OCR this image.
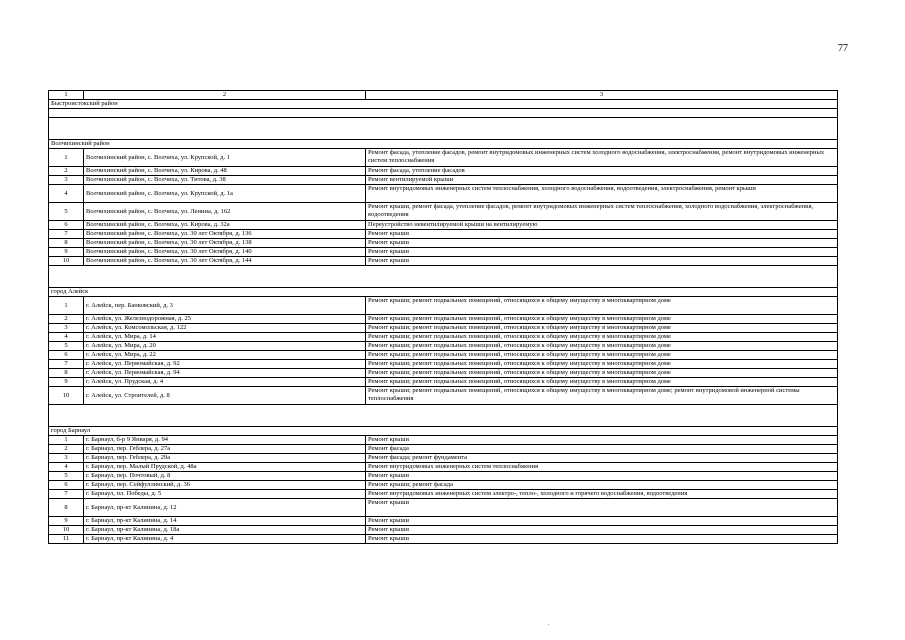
77
1	2	3
Быстроистокский район		

Волчихинский район		
1	Волчихинский район, с. Волчиха, ул. Крупской, д. 1	Ремонт фасада, утепление фасадов, ремонт внутридомовых инженерных систем холодного водоснабжения, электроснабжения, ремонт внутридомовых инженерных систем теплоснабжения
2	Волчихинский район, с. Волчиха, ул. Кирова, д. 48	Ремонт фасада, утепление фасадов
3	Волчихинский район, с. Волчиха, ул. Титова, д. 38	Ремонт вентилируемой крыши
4	Волчихинский район, с. Волчиха, ул. Крупской, д. 1а	Ремонт внутридомовых инженерных систем теплоснабжения, холодного водоснабжения, водоотведения, электроснабжения, ремонт крыши
5	Волчихинский район, с. Волчиха, ул. Ленина, д. 162	Ремонт крыши, ремонт фасада, утепление фасадов, ремонт внутридомовых инженерных систем теплоснабжения, холодного водоснабжения, электроснабжения, водоотведения
6	Волчихинский район, с. Волчиха, ул. Кирова, д. 32а	Переустройство невентилируемой крыши на вентилируемую
7	Волчихинский район, с. Волчиха, ул. 30 лет Октября, д. 136	Ремонт крыши
8	Волчихинский район, с. Волчиха, ул. 30 лет Октября, д. 138	Ремонт крыши
9	Волчихинский район, с. Волчиха, ул. 30 лет Октября, д. 140	Ремонт крыши
10	Волчихинский район, с. Волчиха, ул. 30 лет Октября, д. 144	Ремонт крыши

город Алейск		
1	г. Алейск, пер. Банковский, д. 3	Ремонт крыши; ремонт подвальных помещений, относящихся к общему имуществу в многоквартирном доме
2	г. Алейск, ул. Железнодорожная, д. 25	Ремонт крыши; ремонт подвальных помещений, относящихся к общему имуществу в многоквартирном доме
3	г. Алейск, ул. Комсомольская, д. 122	Ремонт крыши; ремонт подвальных помещений, относящихся к общему имуществу в многоквартирном доме
4	г. Алейск, ул. Мира, д. 14	Ремонт крыши; ремонт подвальных помещений, относящихся к общему имуществу в многоквартирном доме
5	г. Алейск, ул. Мира, д. 20	Ремонт крыши; ремонт подвальных помещений, относящихся к общему имуществу в многоквартирном доме
6	г. Алейск, ул. Мира, д. 22	Ремонт крыши; ремонт подвальных помещений, относящихся к общему имуществу в многоквартирном доме
7	г. Алейск, ул. Первомайская, д. 92	Ремонт крыши; ремонт подвальных помещений, относящихся к общему имуществу в многоквартирном доме
8	г. Алейск, ул. Первомайская, д. 94	Ремонт крыши; ремонт подвальных помещений, относящихся к общему имуществу в многоквартирном доме
9	г. Алейск, ул. Прудская, д. 4	Ремонт крыши; ремонт подвальных помещений, относящихся к общему имуществу в многоквартирном доме
10	г. Алейск, ул. Строителей, д. 8	Ремонт крыши; ремонт подвальных помещений, относящихся к общему имуществу в многоквартирном доме; ремонт внутридомовой инженерной системы теплоснабжения

город Барнаул		
1	г. Барнаул, б-р 9 Января, д. 94	Ремонт крыши
2	г. Барнаул, пер. Геблера, д. 27а	Ремонт фасада
3	г. Барнаул, пер. Геблера, д. 29а	Ремонт фасада; ремонт фундамента
4	г. Барнаул, пер. Малый Прудской, д. 48а	Ремонт внутридомовых инженерных систем теплоснабжения
5	г. Барнаул, пер. Почтовый, д. 8	Ремонт крыши
6	г. Барнаул, пер. Сейфуллинский, д. 36	Ремонт крыши; ремонт фасада
7	г. Барнаул, пл. Победы, д. 5	Ремонт внутридомовых инженерных систем электро-, тепло-, холодного и горячего водоснабжения, водоотведения
8	г. Барнаул, пр-кт Калинина, д. 12	Ремонт крыши
9	г. Барнаул, пр-кт Калинина, д. 14	Ремонт крыши
10	г. Барнаул, пр-кт Калинина, д. 18а	Ремонт крыши
11	г. Барнаул, пр-кт Калинина, д. 4	Ремонт крыши
.
